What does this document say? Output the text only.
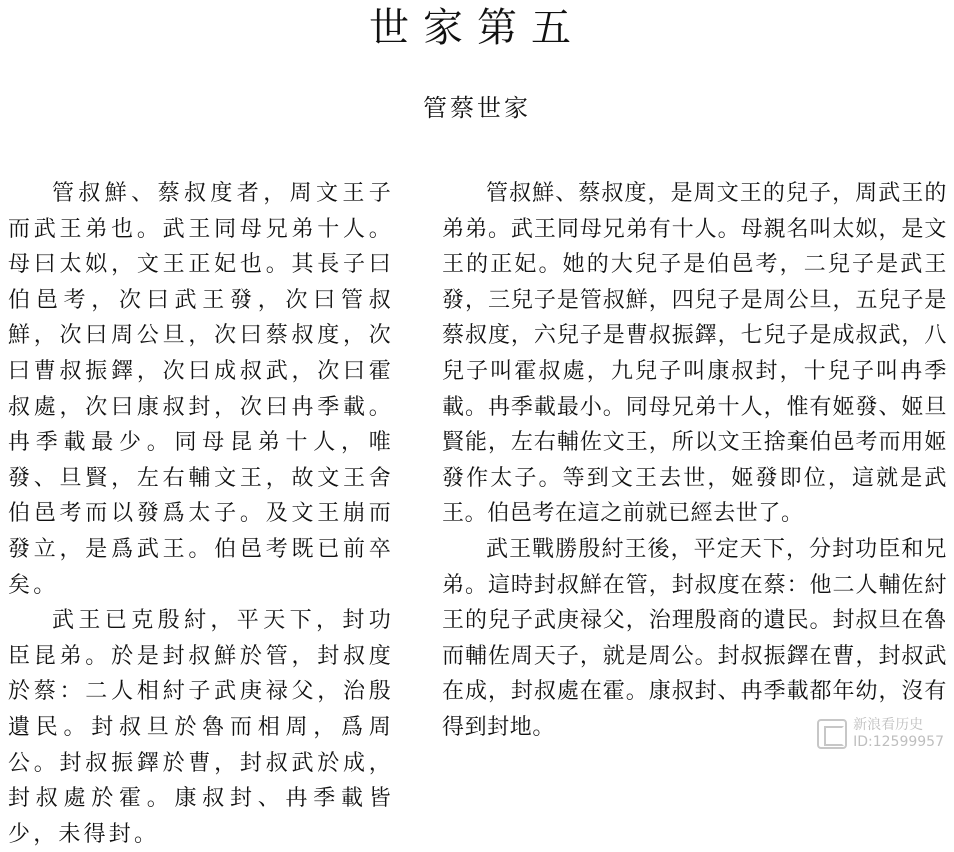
世家第五
管蔡世家

管叔鮮、蔡叔度者，周文王子而武王弟也。武王同母兄弟十人。母曰太姒，文王正妃也。其長子曰伯邑考，次曰武王發，次曰管叔鮮，次曰周公旦，次曰蔡叔度，次曰曹叔振鐸，次曰成叔武，次曰霍叔處，次曰康叔封，次曰冉季載。冉季載最少。同母昆弟十人，唯發、旦賢，左右輔文王，故文王舍伯邑考而以發爲太子。及文王崩而發立，是爲武王。伯邑考既已前卒矣。

武王已克殷紂，平天下，封功臣昆弟。於是封叔鮮於管，封叔度於蔡：二人相紂子武庚禄父，治殷遺民。封叔旦於魯而相周，爲周公。封叔振鐸於曹，封叔武於成，封叔處於霍。康叔封、冉季載皆少，未得封。

管叔鮮、蔡叔度，是周文王的兒子，周武王的弟弟。武王同母兄弟有十人。母親名叫太姒，是文王的正妃。她的大兒子是伯邑考，二兒子是武王發，三兒子是管叔鮮，四兒子是周公旦，五兒子是蔡叔度，六兒子是曹叔振鐸，七兒子是成叔武，八兒子叫霍叔處，九兒子叫康叔封，十兒子叫冉季載。冉季載最小。同母兄弟十人，惟有姬發、姬旦賢能，左右輔佐文王，所以文王捨棄伯邑考而用姬發作太子。等到文王去世，姬發即位，這就是武王。伯邑考在這之前就已經去世了。

武王戰勝殷紂王後，平定天下，分封功臣和兄弟。這時封叔鮮在管，封叔度在蔡：他二人輔佐紂王的兒子武庚禄父，治理殷商的遺民。封叔旦在魯而輔佐周天子，就是周公。封叔振鐸在曹，封叔武在成，封叔處在霍。康叔封、冉季載都年幼，沒有得到封地。	新浪看历史
ID:12599957
